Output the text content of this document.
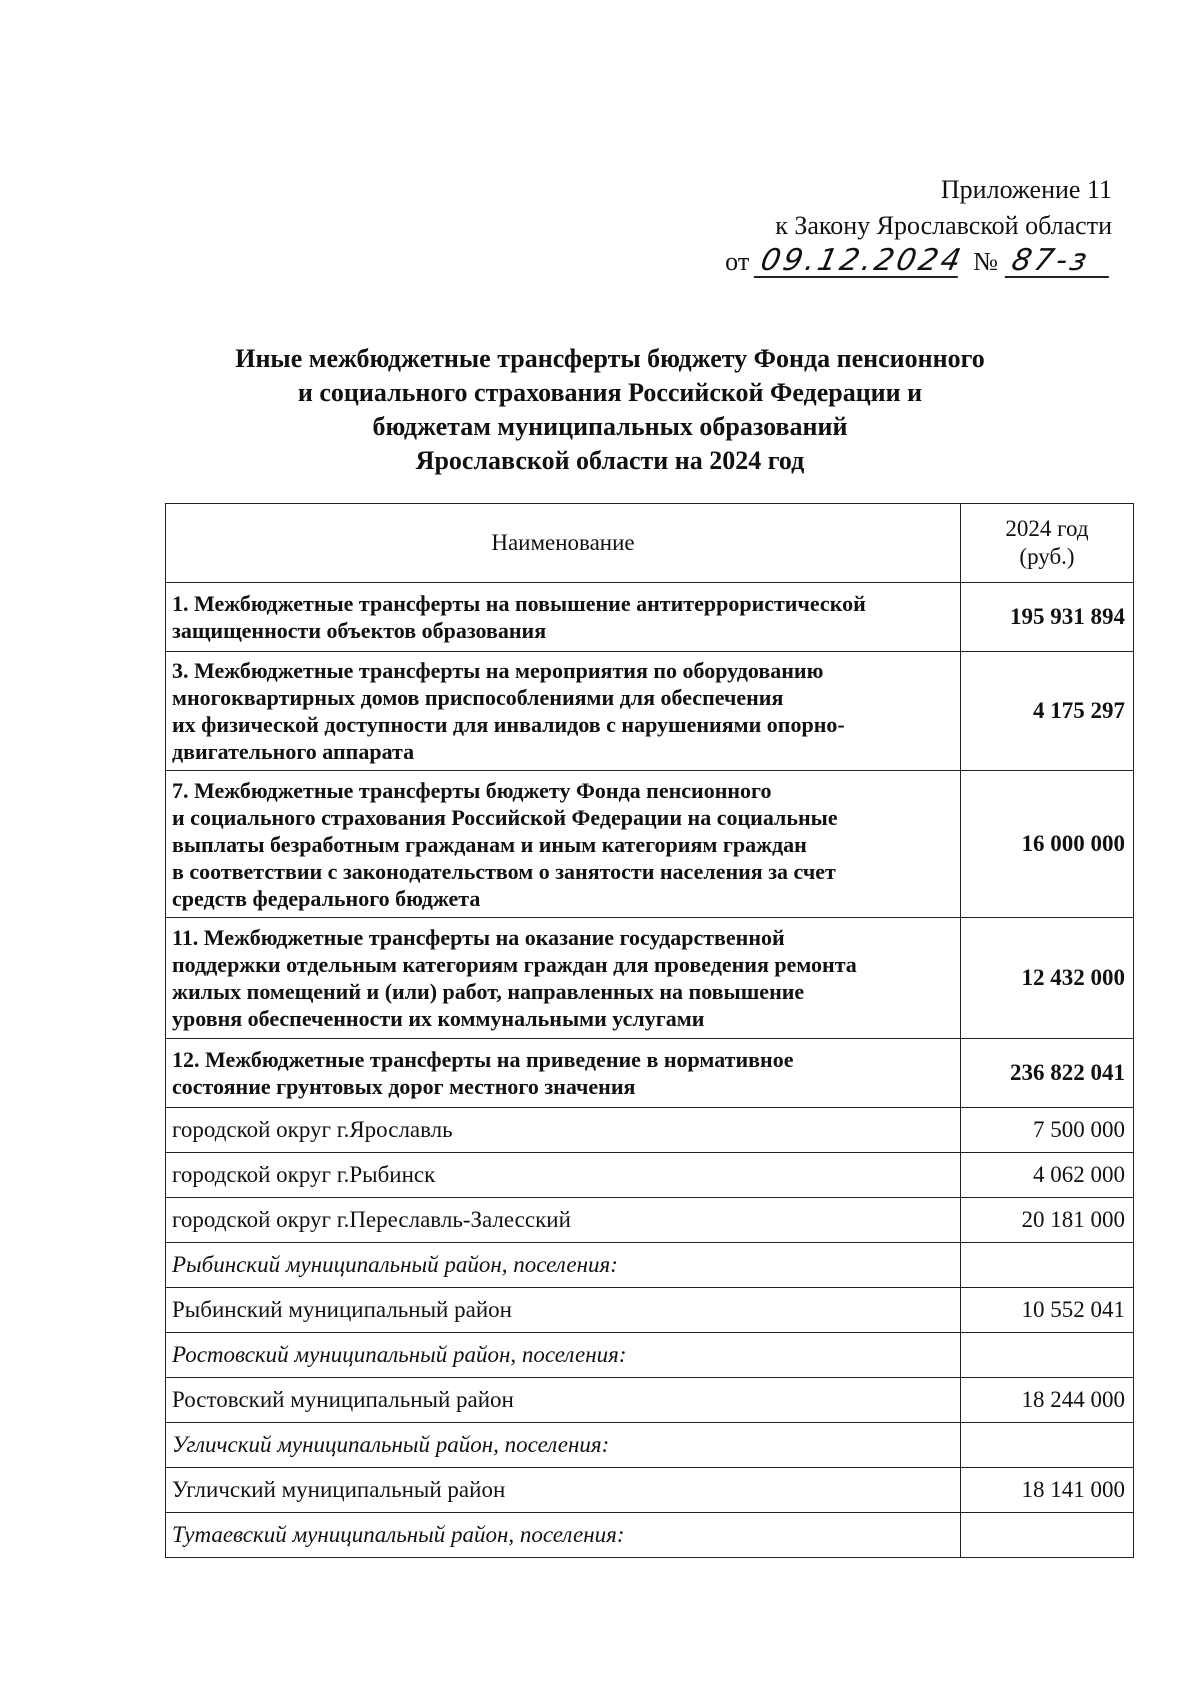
Приложение 11
к Закону Ярославской области
от 09.12.2024 № 87-з
Иные межбюджетные трансферты бюджету Фонда пенсионного
и социального страхования Российской Федерации и
бюджетам муниципальных образований
Ярославской области на 2024 год
Наименование	2024 год
(руб.)

1. Межбюджетные трансферты на повышение антитеррористической
защищенности объектов образования	195 931 894

3. Межбюджетные трансферты на мероприятия по оборудованию
многоквартирных домов приспособлениями для обеспечения
их физической доступности для инвалидов с нарушениями опорно-
двигательного аппарата	4 175 297

7. Межбюджетные трансферты бюджету Фонда пенсионного
и социального страхования Российской Федерации на социальные
выплаты безработным гражданам и иным категориям граждан
в соответствии с законодательством о занятости населения за счет
средств федерального бюджета	16 000 000

11. Межбюджетные трансферты на оказание государственной
поддержки отдельным категориям граждан для проведения ремонта
жилых помещений и (или) работ, направленных на повышение
уровня обеспеченности их коммунальными услугами	12 432 000

12. Межбюджетные трансферты на приведение в нормативное
состояние грунтовых дорог местного значения	236 822 041
городской округ г.Ярославль	7 500 000
городской округ г.Рыбинск	4 062 000
городской округ г.Переславль-Залесский	20 181 000
Рыбинский муниципальный район, поселения:	
Рыбинский муниципальный район	10 552 041
Ростовский муниципальный район, поселения:	
Ростовский муниципальный район	18 244 000
Угличский муниципальный район, поселения:	
Угличский муниципальный район	18 141 000
Тутаевский муниципальный район, поселения:	
